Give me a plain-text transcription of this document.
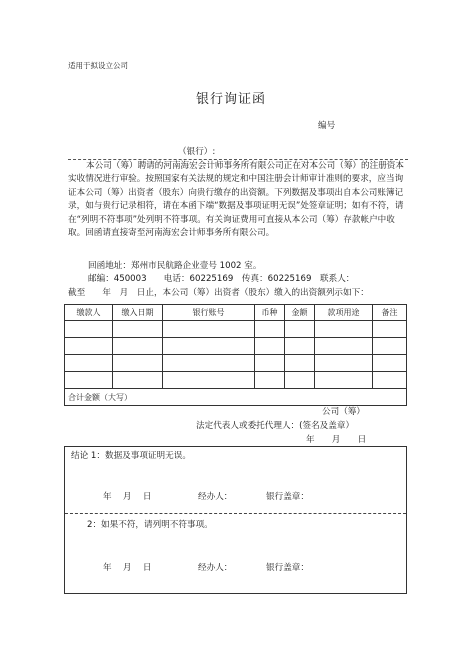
适用于拟设立公司
银行询证函
编号
（银行）:
本公司（筹）聘请的河南海宏会计师事务所有限公司正在对本公司（筹）的注册资本实收情况进行审验。按照国家有关法规的规定和中国注册会计师审计准则的要求，应当询证本公司（筹）出资者（股东）向贵行缴存的出资额。下列数据及事项出自本公司账簿记录，如与贵行记录相符，请在本函下端“数据及事项证明无误”处签章证明；如有不符，请在“列明不符事项”处列明不符事项。有关询证费用可直接从本公司（筹）存款帐户中收取。回函请直接寄至河南海宏会计师事务所有限公司。
回函地址：郑州市民航路企业壹号 1002 室。
邮编：450003　　电话：60225169　传真：60225169　联系人：
截至　　年　月　日止，本公司（筹）出资者（股东）缴入的出资额列示如下：
缴款人	缴入日期	银行账号	币种	金额	款项用途	备注

合计金额（大写）						
公司（筹）
法定代表人或委托代理人：(签名及盖章）
年　　月　　日
结论 1：数据及事项证明无误。
年　 月　 日	经办人：	银行盖章：
2：如果不符，请列明不符事项。
年　 月　 日	经办人：	银行盖章：
